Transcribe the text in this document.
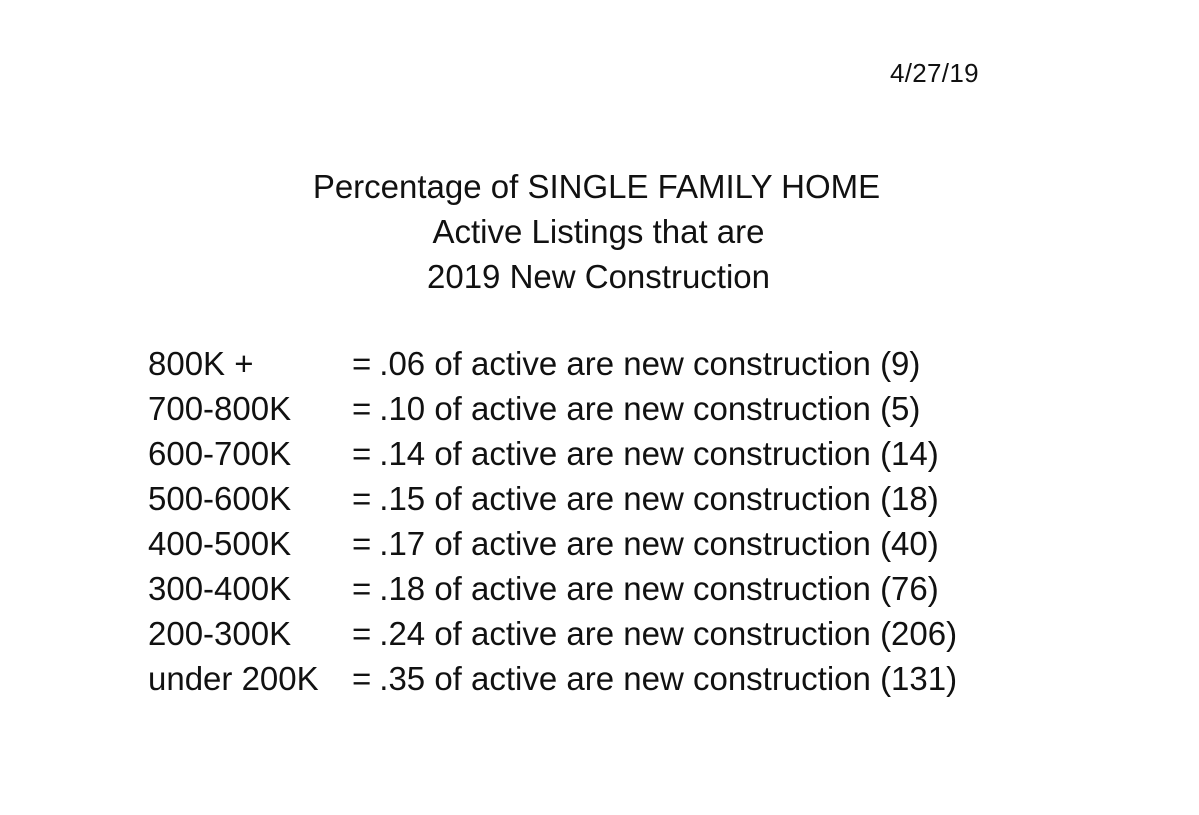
4/27/19
Percentage of SINGLE FAMILY HOME
Active Listings that are
2019 New Construction
800K +	= .06 of active are new construction (9)
700-800K = .10 of active are new construction (5)
600-700K = .14 of active are new construction (14)
500-600K = .15 of active are new construction (18)
400-500K = .17 of active are new construction (40)
300-400K = .18 of active are new construction (76)
200-300K = .24 of active are new construction (206)
under 200K = .35 of active are new construction (131)
